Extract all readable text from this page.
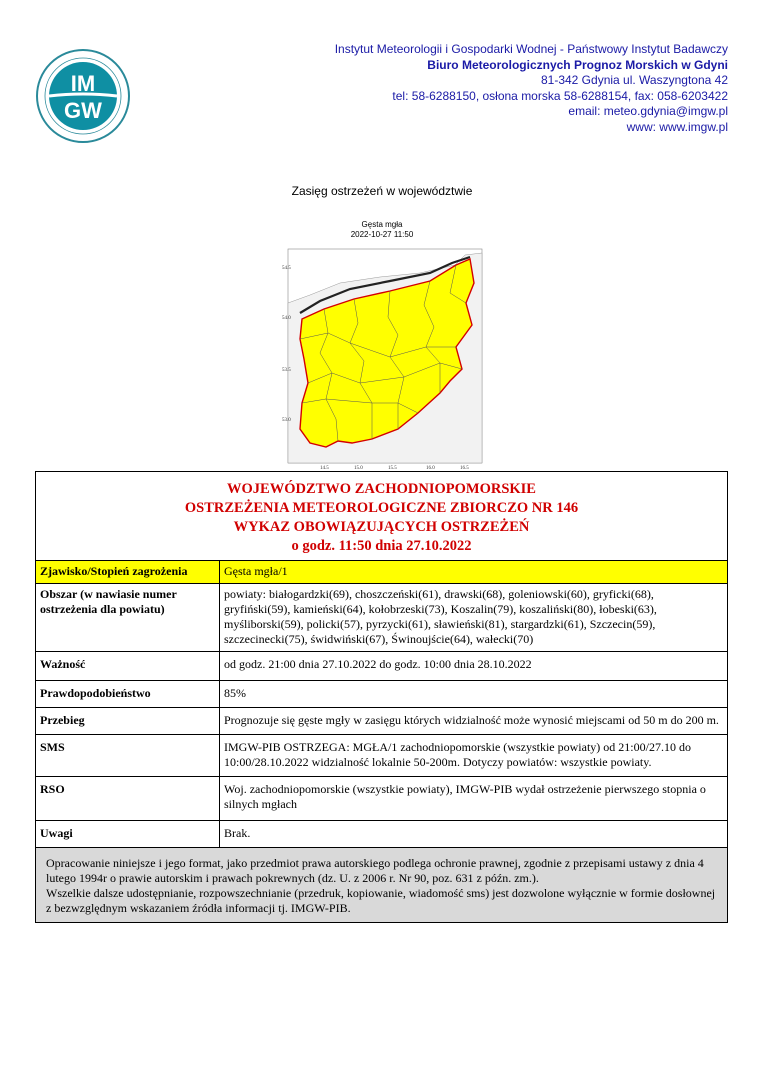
IM
GW
Instytut Meteorologii i Gospodarki Wodnej - Państwowy Instytut Badawczy
Biuro Meteorologicznych Prognoz Morskich w Gdyni
81-342 Gdynia ul. Waszyngtona 42
tel: 58-6288150, osłona morska 58-6288154, fax: 058-6203422
email: meteo.gdynia@imgw.pl
www: www.imgw.pl
Zasięg ostrzeżeń w województwie
Gęsta mgła
2022-10-27 11:50
54.5
54.0
53.5
53.0
14.5	15.0	15.5	16.0	16.5
WOJEWÓDZTWO ZACHODNIOPOMORSKIE
OSTRZEŻENIA METEOROLOGICZNE ZBIORCZO NR 146
WYKAZ OBOWIĄZUJĄCYCH OSTRZEŻEŃ
o godz. 11:50 dnia 27.10.2022	

Zjawisko/Stopień zagrożenia	Gęsta mgła/1
Obszar (w nawiasie numer ostrzeżenia dla powiatu)	powiaty: białogardzki(69), choszczeński(61), drawski(68), goleniowski(60), gryficki(68), gryfiński(59), kamieński(64), kołobrzeski(73), Koszalin(79), koszaliński(80), łobeski(63), myśliborski(59), policki(57), pyrzycki(61), sławieński(81), stargardzki(61), Szczecin(59), szczecinecki(75), świdwiński(67), Świnoujście(64), wałecki(70)
Ważność	od godz. 21:00 dnia 27.10.2022 do godz. 10:00 dnia 28.10.2022
Prawdopodobieństwo	85%
Przebieg	Prognozuje się gęste mgły w zasięgu których widzialność może wynosić miejscami od 50 m do 200 m.
SMS	IMGW-PIB OSTRZEGA: MGŁA/1 zachodniopomorskie (wszystkie powiaty) od 21:00/27.10 do 10:00/28.10.2022 widzialność lokalnie 50-200m. Dotyczy powiatów: wszystkie powiaty.
RSO	Woj. zachodniopomorskie (wszystkie powiaty), IMGW-PIB wydał ostrzeżenie pierwszego stopnia o silnych mgłach
Uwagi	Brak.

Opracowanie niniejsze i jego format, jako przedmiot prawa autorskiego podlega ochronie prawnej, zgodnie z przepisami ustawy z dnia 4 lutego 1994r o prawie autorskim i prawach pokrewnych (dz. U. z 2006 r. Nr 90, poz. 631 z późn. zm.).
Wszelkie dalsze udostępnianie, rozpowszechnianie (przedruk, kopiowanie, wiadomość sms) jest dozwolone wyłącznie w formie dosłownej z bezwzględnym wskazaniem źródła informacji tj. IMGW-PIB.	
